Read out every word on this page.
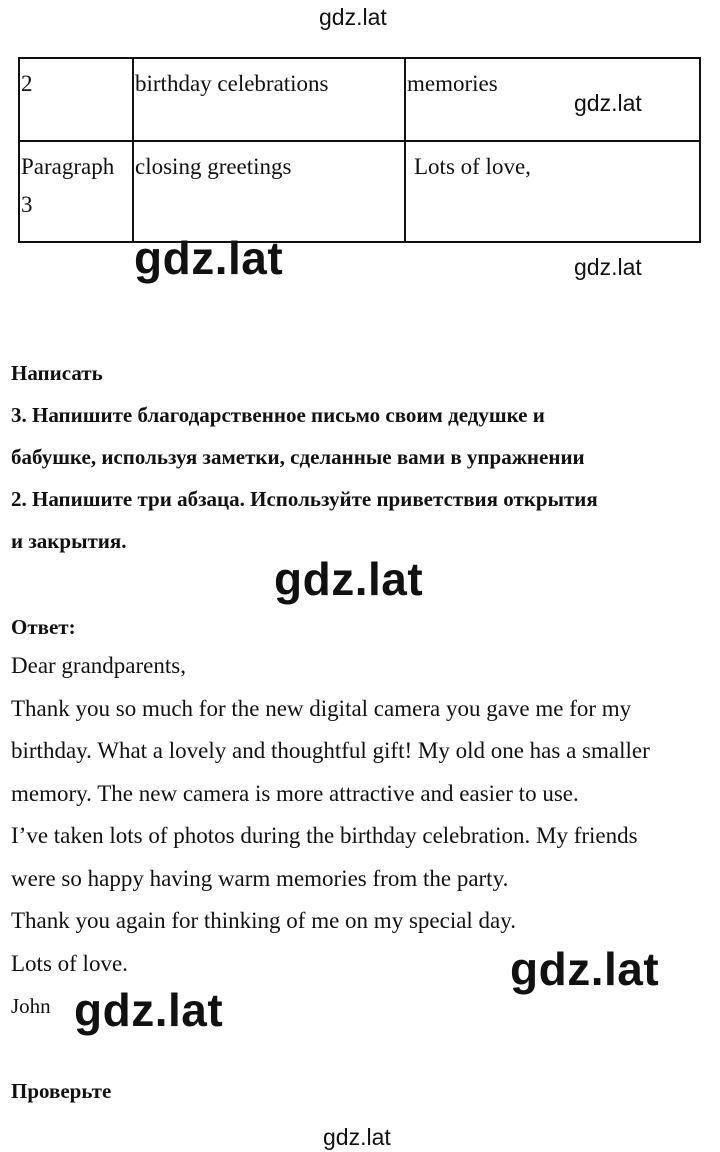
gdz.lat
gdz.lat
gdz.lat
gdz.lat
2	birthday celebrations	memories
Paragraph 3	closing greetings	Lots of love,
gdz.lat
Написать
3. Напишите благодарственное письмо своим дедушке и
бабушке, используя заметки, сделанные вами в упражнении
2. Напишите три абзаца. Используйте приветствия открытия
и закрытия.
gdz.lat
Ответ:
Dear grandparents,
Thank you so much for the new digital camera you gave me for my
birthday. What a lovely and thoughtful gift! My old one has a smaller
memory. The new camera is more attractive and easier to use.
I’ve taken lots of photos during the birthday celebration. My friends
were so happy having warm memories from the party.
Thank you again for thinking of me on my special day.
Lots of love.
John
gdz.lat
gdz.lat
Проверьте
